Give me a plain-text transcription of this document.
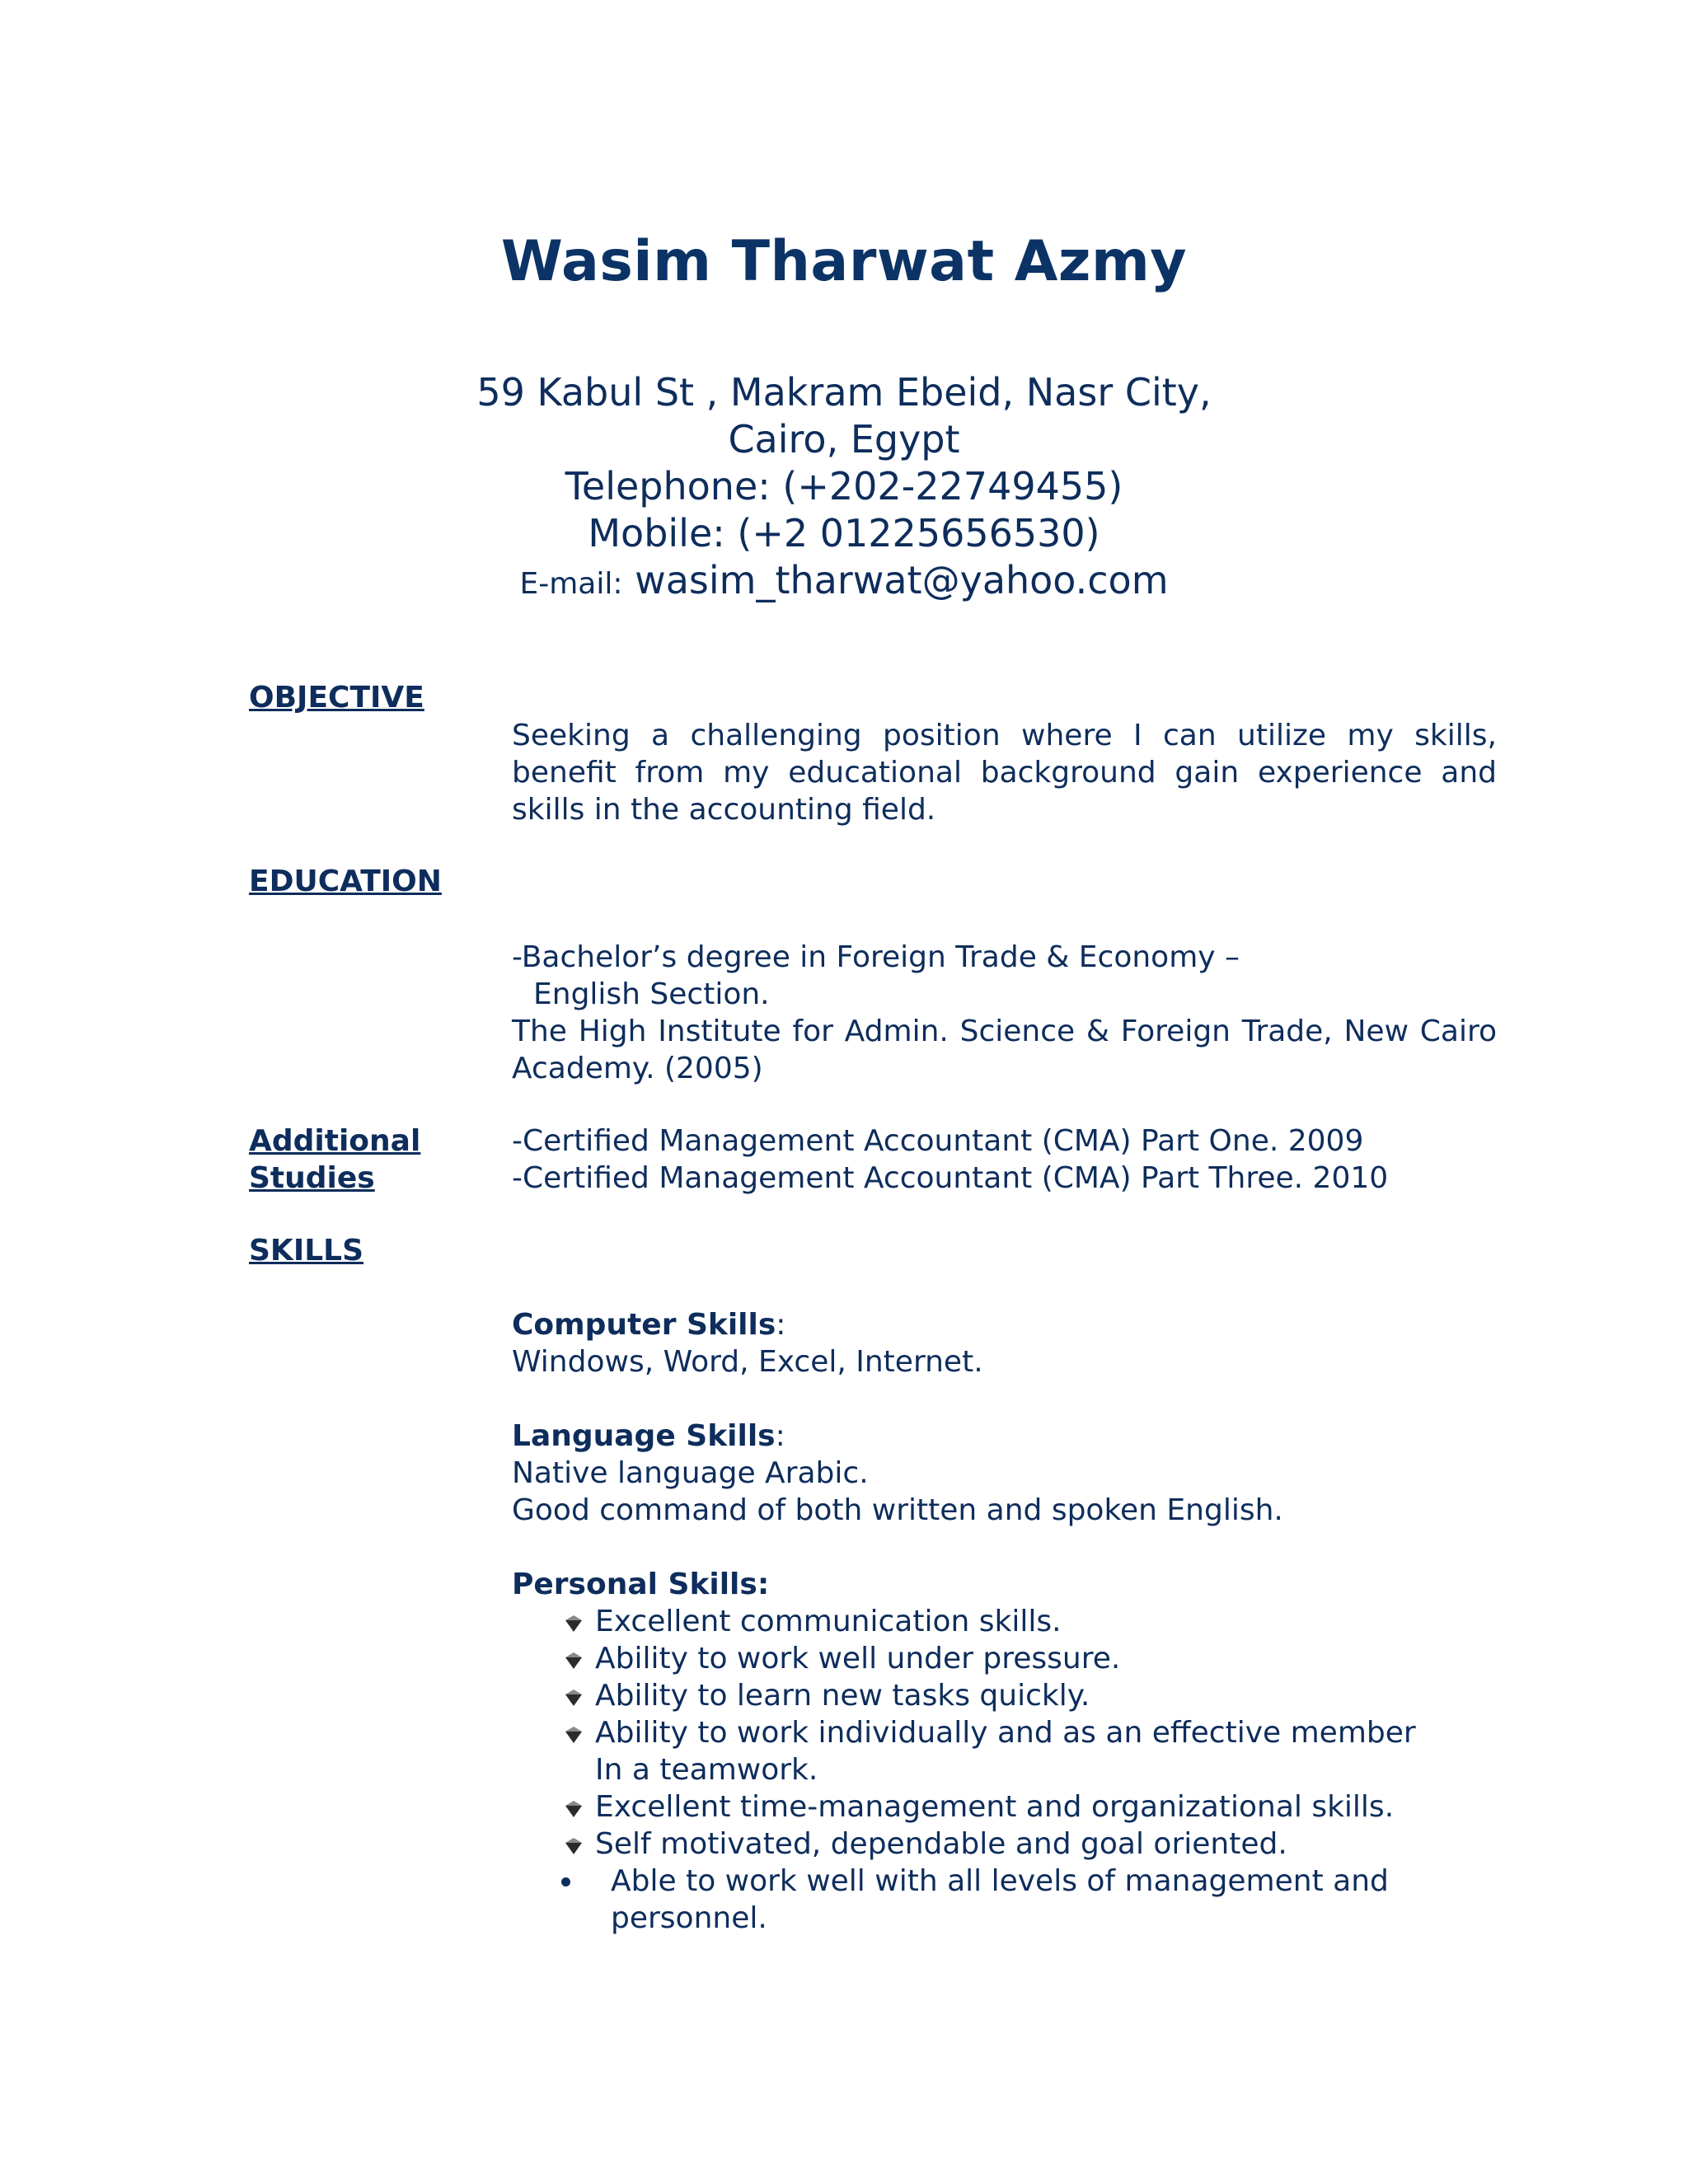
Wasim Tharwat Azmy
59 Kabul St , Makram Ebeid, Nasr City,
Cairo, Egypt
Telephone: (+202-22749455)
Mobile: (+2 01225656530)
E-mail: wasim_tharwat@yahoo.com
OBJECTIVE
Seeking a challenging position where I can utilize my skills, benefit from my educational background gain experience and skills in the accounting field.
EDUCATION
-Bachelor’s degree in Foreign Trade & Economy –
English Section.
The High Institute for Admin. Science & Foreign Trade, New Cairo Academy. (2005)
Additional
Studies
-Certified Management Accountant (CMA) Part One. 2009
-Certified Management Accountant (CMA) Part Three. 2010
SKILLS
Computer Skills:
Windows, Word, Excel, Internet.
Language Skills:
Native language Arabic.
Good command of both written and spoken English.
Personal Skills:
Excellent communication skills.
Ability to work well under pressure.
Ability to learn new tasks quickly.
Ability to work individually and as an effective member In a teamwork.
Excellent time-management and organizational skills.
Self motivated, dependable and goal oriented.
Able to work well with all levels of management and personnel.
